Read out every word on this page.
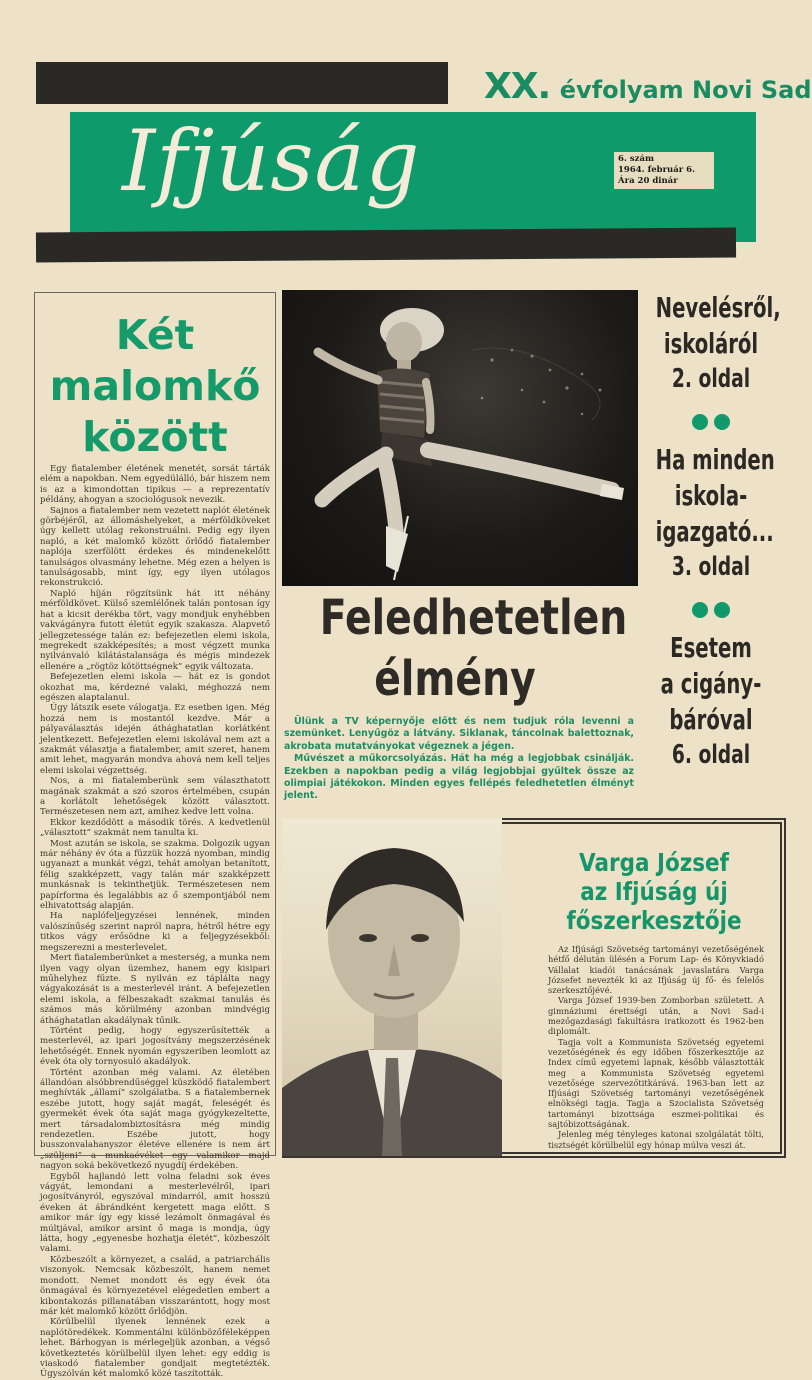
XX. évfolyam Novi Sad
Ifjúság	6. szám
1964. február 6.
Ára 20 dinár
Két
malomkő
között

Egy fiatalember életének menetét, sorsát tárták elém a napokban. Nem egyedülálló, bár hiszem nem is az a kimondottan tipikus — a reprezentatív példány, ahogyan a szociológusok nevezik.

Sajnos a fiatalember nem vezetett naplót életének görbéjéről, az állomáshelyeket, a mérföldköveket úgy kellett utólag rekonstruálni. Pedig egy ilyen napló, a két malomkő között őrlődő fiatalember naplója szerfölött érdekes és mindenekelőtt tanulságos olvasmány lehetne. Még ezen a helyen is tanulságosabb, mint így, egy ilyen utólagos rekonstrukció.

Napló híján rögzítsünk hát itt néhány mérföldkövet. Külső szemlélőnek talán pontosan így hat a kicsit derékba tört, vagy mondjuk enyhébben vakvágányra futott életút egyik szakasza. Alapvető jellegzetessége talán ez: befejezetlen elemi iskola, megrekedt szakképesítés; a most végzett munka nyilvánvaló kilátástalansága és mégis mindezek ellenére a „rögtöz kötöttségnek” egyik változata.

Befejezetlen elemi iskola — hát ez is gondot okozhat ma, kérdezné valaki, méghozzá nem egészen alaptalanul.

Úgy látszik esete válogatja. Ez esetben igen. Még hozzá nem is mostantól kezdve. Már a pályaválasztás idején áthághatatlan korlátként jelentkezett. Befejezetlen elemi iskolával nem azt a szakmát választja a fiatalember, amit szeret, hanem amit lehet, magyarán mondva ahová nem kell teljes elemi iskolai végzettség.

Nos, a mi fiatalemberünk sem választhatott magának szakmát a szó szoros értelmében, csupán a korlátolt lehetőségek között választott. Természetesen nem azt, amihez kedve lett volna.

Ekkor kezdődött a második törés. A kedvetlenül „választott” szakmát nem tanulta ki.

Most azután se iskola, se szakma. Dolgozik ugyan már néhány év óta a füzzük hozzá nyomban, mindig ugyanazt a munkát végzi, tehát amolyan betanított, félig szakképzett, vagy talán már szakképzett munkásnak is tekinthetjük. Természetesen nem papírforma és legalábbis az ő szempontjából nem elhivatottság alapján.

Ha naplófeljegyzései lennének, minden valószínűség szerint napról napra, hétről hétre egy titkos vágy erősödne ki a feljegyzésekből: megszerezni a mesterlevelet.

Mert fiatalemberünket a mesterség, a munka nem ilyen vagy olyan üzemhez, hanem egy kisipari műhelyhez fűzte. S nyilván ez táplálta nagy vágyakozását is a mesterlevél iránt. A befejezetlen elemi iskola, a félbeszakadt szakmai tanulás és számos más körülmény azonban mindvégig áthághatatlan akadálynak tűnik.

Történt pedig, hogy egyszerűsítették a mesterlevél, az ipari jogosítvány megszerzésének lehetőségét. Ennek nyomán egyszeriben leomlott az évek óta oly tornyosuló akadályok.

Történt azonban még valami. Az életében állandóan alsóbbrendűséggel küszködő fiatalembert meghívták „államí” szolgálatba. S a fiatalembernek eszébe jutott, hogy saját magát, feleségét és gyermekét évek óta saját maga gyógykezeltette, mert társadalombiztosításra még mindig rendezetlen. Eszébe jutott, hogy busszonvalahanyszor életéve ellenére is nem árt „szüljeni” a munkaévéket egy valamikor majd nagyon soká bekövetkező nyugdíj érdekében.

Egyből hajlandó lett volna feladni sok éves vágyát, lemondani a mesterlevélről, ipari jogosítványról, egyszóval mindarról, amit hosszú éveken át ábrándként kergetett maga előtt. S amikor már így egy kissé lezámolt önmagával és múltjával, amikor arsint ő maga is mondja, úgy látta, hogy „egyenesbe hozhatja életét”, közbeszólt valami.

Közbeszólt a környezet, a család, a patriarchális viszonyok. Nemcsak közbeszólt, hanem nemet mondott. Nemet mondott és egy évek óta önmagával és környezetével elégedetlen embert a kibontakozás pillanatában visszarántott, hogy most már két malomkő között őrlődjön.

Körülbelül ilyenek lennének ezek a naplótöredékek. Kommentálni különbözőféleképpen lehet. Bárhogyan is mérlegeljük azonban, a végső következtetés körülbelül ilyen lehet: egy eddig is viaskodó fiatalember gondjait megtetézték. Úgyszólván két malomkő közé taszították.

Nevelésről,
iskoláról
2. oldal
Ha minden
iskola-
igazgató...
3. oldal
Esetem
a cigány-
báróval
6. oldal
Feledhetetlen
élmény

Ülünk a TV képernyője előtt és nem tudjuk róla levenni a szemünket. Lenyűgöz a látvány. Siklanak, táncolnak balettoznak, akrobata mutatványokat végeznek a jégen.

Művészet a műkorcsolyázás. Hát ha még a legjobbak csinálják. Ezekben a napokban pedig a világ legjobbjai gyűltek össze az olimpiai játékokon. Minden egyes fellépés feledhetetlen élményt jelent.

Varga József
az Ifjúság új
főszerkesztője

Az Ifjúsági Szövetség tartományi vezetőségének hétfő délután ülésén a Forum Lap- és Könyvkiadó Vállalat kiadói tanácsának javaslatára Varga Józsefet nevezték ki az Ifjúság új fő- és felelős szerkesztőjévé.

Varga József 1939-ben Zomborban született. A gimnáziumi érettségi után, a Novi Sad-i mezőgazdasági fakultásra iratkozott és 1962-ben diplomált.

Tagja volt a Kommunista Szövetség egyetemi vezetőségének és egy időben főszerkesztője az Index című egyetemi lapnak, később választották meg a Kommunista Szövetség egyetemi vezetősége szervezőtitkárává. 1963-ban lett az Ifjúsági Szövetség tartományi vezetőségének elnökségi tagja. Tagja a Szocialista Szövetség tartományi bizottsága eszmei-politikai és sajtóbizottságának.

Jelenleg még tényleges katonai szolgálatát tölti, tisztségét körülbelül egy hónap múlva veszi át.
